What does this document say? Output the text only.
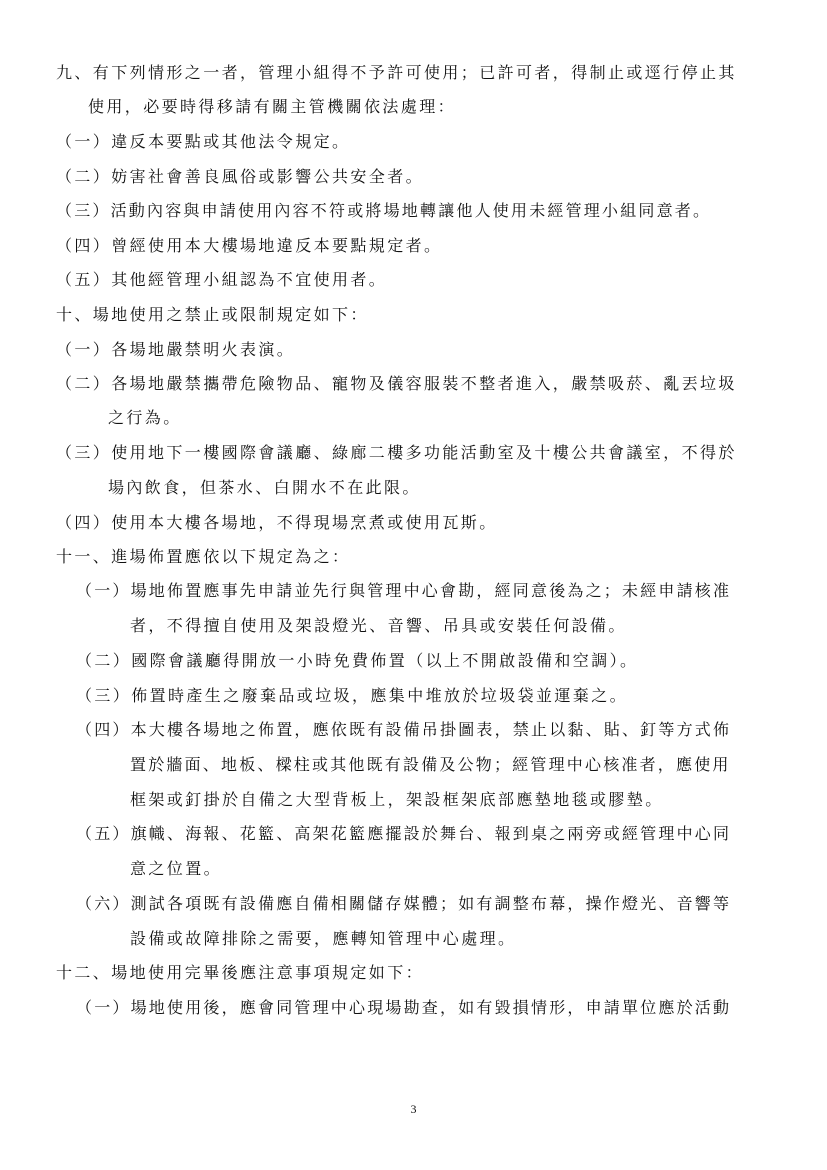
九、有下列情形之一者，管理小組得不予許可使用；已許可者，得制止或逕行停止其
使用，必要時得移請有關主管機關依法處理：
（一）違反本要點或其他法令規定。
（二）妨害社會善良風俗或影響公共安全者。
（三）活動內容與申請使用內容不符或將場地轉讓他人使用未經管理小組同意者。
（四）曾經使用本大樓場地違反本要點規定者。
（五）其他經管理小組認為不宜使用者。
十、場地使用之禁止或限制規定如下：
（一）各場地嚴禁明火表演。
（二）各場地嚴禁攜帶危險物品、寵物及儀容服裝不整者進入，嚴禁吸菸、亂丟垃圾
之行為。
（三）使用地下一樓國際會議廳、綠廊二樓多功能活動室及十樓公共會議室，不得於
場內飲食，但茶水、白開水不在此限。
（四）使用本大樓各場地，不得現場烹煮或使用瓦斯。
十一、進場佈置應依以下規定為之：
（一）場地佈置應事先申請並先行與管理中心會勘，經同意後為之；未經申請核准
者，不得擅自使用及架設燈光、音響、吊具或安裝任何設備。
（二）國際會議廳得開放一小時免費佈置（以上不開啟設備和空調）。
（三）佈置時產生之廢棄品或垃圾，應集中堆放於垃圾袋並運棄之。
（四）本大樓各場地之佈置，應依既有設備吊掛圖表，禁止以黏、貼、釘等方式佈
置於牆面、地板、樑柱或其他既有設備及公物；經管理中心核准者，應使用
框架或釘掛於自備之大型背板上，架設框架底部應墊地毯或膠墊。
（五）旗幟、海報、花籃、高架花籃應擺設於舞台、報到桌之兩旁或經管理中心同
意之位置。
（六）測試各項既有設備應自備相關儲存媒體；如有調整布幕，操作燈光、音響等
設備或故障排除之需要，應轉知管理中心處理。
十二、場地使用完畢後應注意事項規定如下：
（一）場地使用後，應會同管理中心現場勘查，如有毀損情形，申請單位應於活動
3
